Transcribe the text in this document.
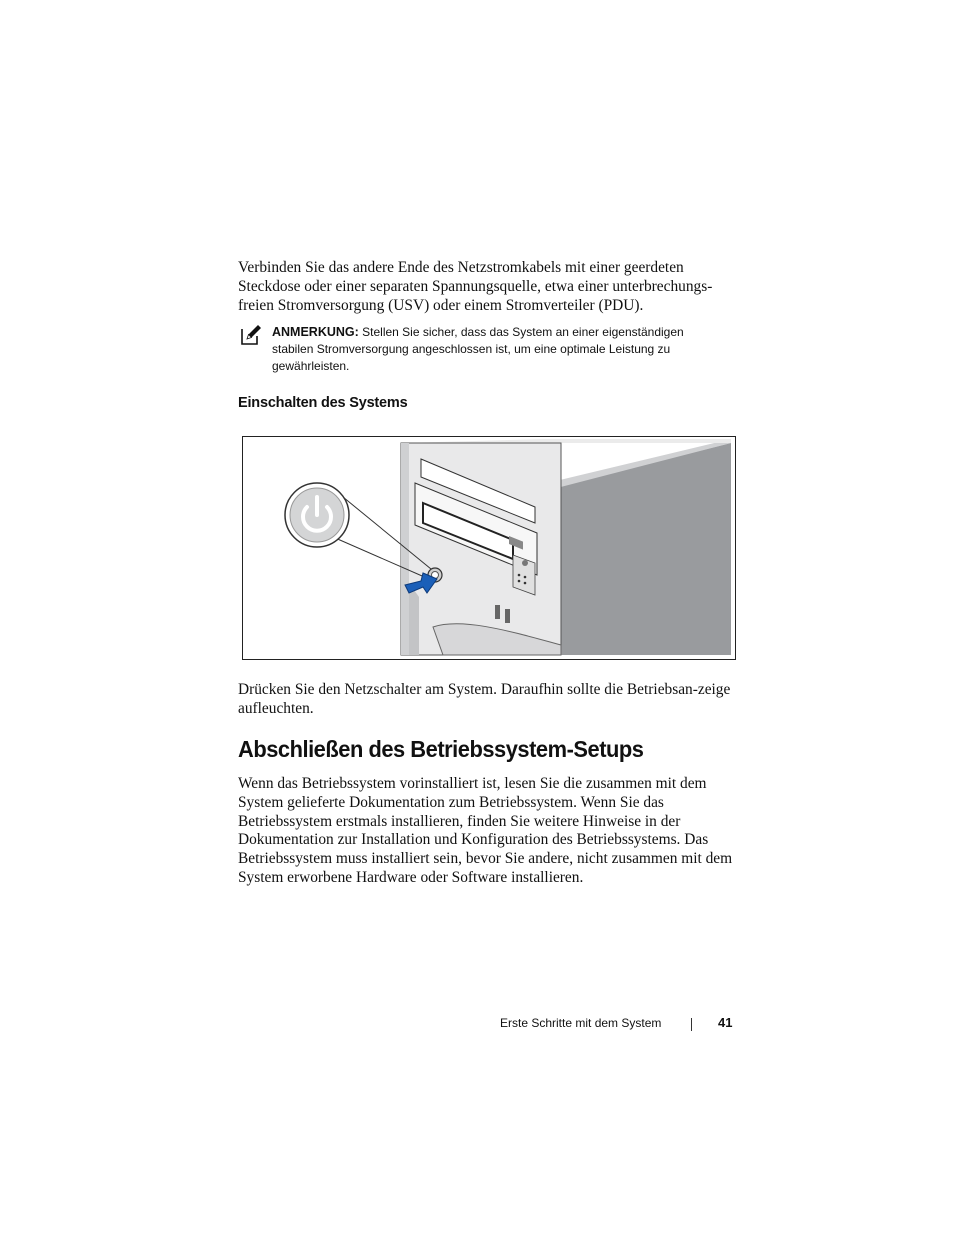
Verbinden Sie das andere Ende des Netzstromkabels mit einer geerdeten Steckdose oder einer separaten Spannungsquelle, etwa einer unterbrechungs-freien Stromversorgung (USV) oder einem Stromverteiler (PDU).

ANMERKUNG: Stellen Sie sicher, dass das System an einer eigenständigen stabilen Stromversorgung angeschlossen ist, um eine optimale Leistung zu gewährleisten.
Einschalten des Systems

Drücken Sie den Netzschalter am System. Daraufhin sollte die Betriebsan-zeige aufleuchten.

Abschließen des Betriebssystem-Setups

Wenn das Betriebssystem vorinstalliert ist, lesen Sie die zusammen mit dem System gelieferte Dokumentation zum Betriebssystem. Wenn Sie das Betriebssystem erstmals installieren, finden Sie weitere Hinweise in der Dokumentation zur Installation und Konfiguration des Betriebssystems. Das Betriebssystem muss installiert sein, bevor Sie andere, nicht zusammen mit dem System erworbene Hardware oder Software installieren.

Erste Schritte mit dem System	41
